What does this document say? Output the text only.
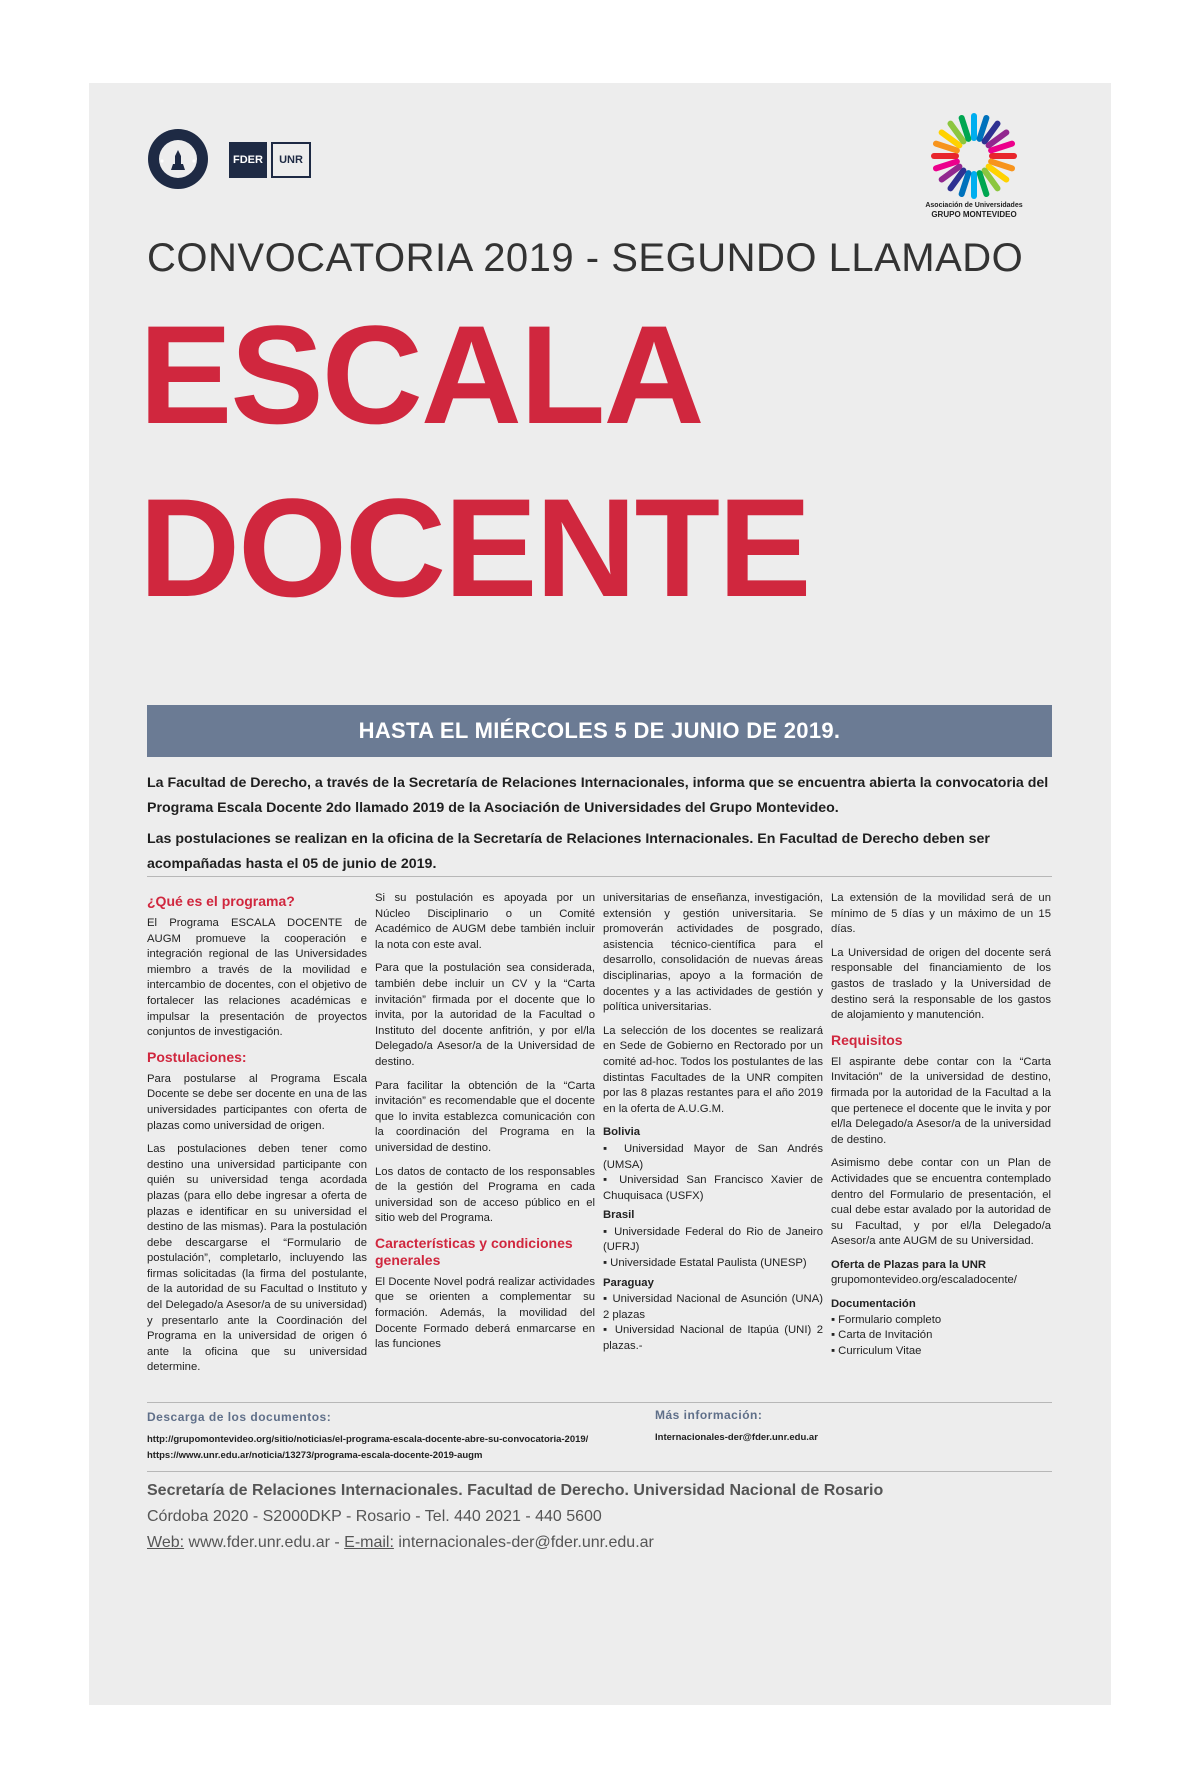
FDER	UNR
Asociación de Universidades
GRUPO MONTEVIDEO
CONVOCATORIA 2019 - SEGUNDO LLAMADO
ESCALA
DOCENTE
HASTA EL MIÉRCOLES 5 DE JUNIO DE 2019.

La Facultad de Derecho, a través de la Secretaría de Relaciones Internacionales, informa que se encuentra abierta la convocatoria del Programa Escala Docente 2do llamado 2019 de la Asociación de Universidades del Grupo Montevideo.

Las postulaciones se realizan en la oficina de la Secretaría de Relaciones Internacionales. En Facultad de Derecho deben ser acompañadas hasta el 05 de junio de 2019.

¿Qué es el programa?

El Programa ESCALA DOCENTE de AUGM promueve la cooperación e integración regional de las Universidades miembro a través de la movilidad e intercambio de docentes, con el objetivo de fortalecer las relaciones académicas e impulsar la presentación de proyectos conjuntos de investigación.

Postulaciones:

Para postularse al Programa Escala Docente se debe ser docente en una de las universidades participantes con oferta de plazas como universidad de origen.

Las postulaciones deben tener como destino una universidad participante con quién su universidad tenga acordada plazas (para ello debe ingresar a oferta de plazas e identificar en su universidad el destino de las mismas). Para la postulación debe descargarse el “Formulario de postulación”, completarlo, incluyendo las firmas solicitadas (la firma del postulante, de la autoridad de su Facultad o Instituto y del Delegado/a Asesor/a de su universidad) y presentarlo ante la Coordinación del Programa en la universidad de origen ó ante la oficina que su universidad determine.

Si su postulación es apoyada por un Núcleo Disciplinario o un Comité Académico de AUGM debe también incluir la nota con este aval.

Para que la postulación sea considerada, también debe incluir un CV y la “Carta invitación” firmada por el docente que lo invita, por la autoridad de la Facultad o Instituto del docente anfitrión, y por el/la Delegado/a Asesor/a de la Universidad de destino.

Para facilitar la obtención de la “Carta invitación” es recomendable que el docente que lo invita establezca comunicación con la coordinación del Programa en la universidad de destino.

Los datos de contacto de los responsables de la gestión del Programa en cada universidad son de acceso público en el sitio web del Programa.

Características y condiciones generales

El Docente Novel podrá realizar actividades que se orienten a complementar su formación. Además, la movilidad del Docente Formado deberá enmarcarse en las funciones

universitarias de enseñanza, investigación, extensión y gestión universitaria. Se promoverán actividades de posgrado, asistencia técnico-científica para el desarrollo, consolidación de nuevas áreas disciplinarias, apoyo a la formación de docentes y a las actividades de gestión y política universitarias.

La selección de los docentes se realizará en Sede de Gobierno en Rectorado por un comité ad-hoc. Todos los postulantes de las distintas Facultades de la UNR compiten por las 8 plazas restantes para el año 2019 en la oferta de A.U.G.M.

Bolivia
▪ Universidad Mayor de San Andrés (UMSA)
▪ Universidad San Francisco Xavier de Chuquisaca (USFX)
Brasil
▪ Universidade Federal do Rio de Janeiro (UFRJ)
▪ Universidade Estatal Paulista (UNESP)
Paraguay
▪ Universidad Nacional de Asunción (UNA) 2 plazas
▪ Universidad Nacional de Itapúa (UNI) 2 plazas.-

La extensión de la movilidad será de un mínimo de 5 días y un máximo de un 15 días.

La Universidad de origen del docente será responsable del financiamiento de los gastos de traslado y la Universidad de destino será la responsable de los gastos de alojamiento y manutención.

Requisitos

El aspirante debe contar con la “Carta Invitación” de la universidad de destino, firmada por la autoridad de la Facultad a la que pertenece el docente que le invita y por el/la Delegado/a Asesor/a de la universidad de destino.

Asimismo debe contar con un Plan de Actividades que se encuentra contemplado dentro del Formulario de presentación, el cual debe estar avalado por la autoridad de su Facultad, y por el/la Delegado/a Asesor/a ante AUGM de su Universidad.

Oferta de Plazas para la UNR

grupomontevideo.org/escaladocente/

Documentación

▪ Formulario completo
▪ Carta de Invitación
▪ Curriculum Vitae
Descarga de los documentos:
http://grupomontevideo.org/sitio/noticias/el-programa-escala-docente-abre-su-convocatoria-2019/
https://www.unr.edu.ar/noticia/13273/programa-escala-docente-2019-augm
Más información:
Internacionales-der@fder.unr.edu.ar
Secretaría de Relaciones Internacionales. Facultad de Derecho. Universidad Nacional de Rosario
Córdoba 2020 - S2000DKP - Rosario - Tel. 440 2021 - 440 5600
Web: www.fder.unr.edu.ar - E-mail: internacionales-der@fder.unr.edu.ar
